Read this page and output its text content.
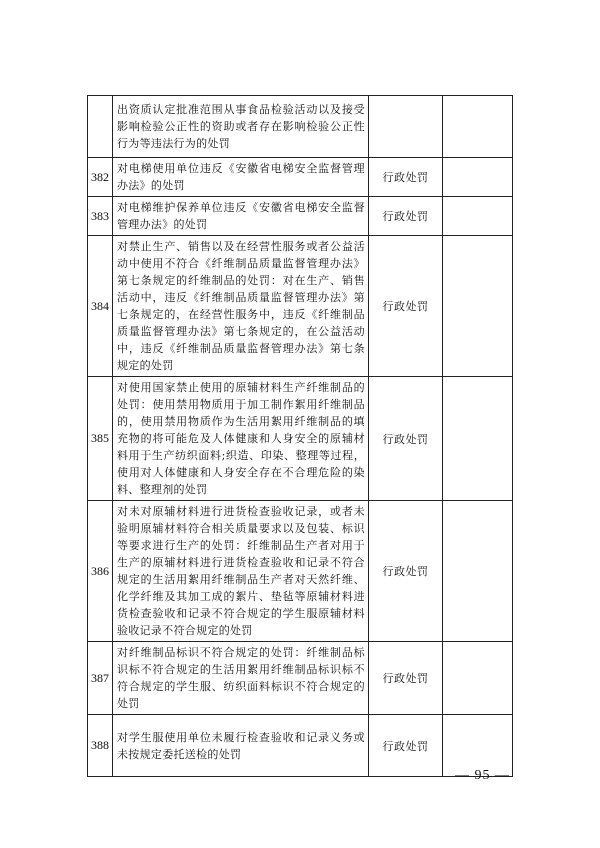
	出资质认定批准范围从事食品检验活动以及接受影响检验公正性的资助或者存在影响检验公正性行为等违法行为的处罚		
382	对电梯使用单位违反《安徽省电梯安全监督管理办法》的处罚	行政处罚	
383	对电梯维护保养单位违反《安徽省电梯安全监督管理办法》的处罚	行政处罚	
384	对禁止生产、销售以及在经营性服务或者公益活动中使用不符合《纤维制品质量监督管理办法》第七条规定的纤维制品的处罚：对在生产、销售活动中，违反《纤维制品质量监督管理办法》第七条规定的，在经营性服务中，违反《纤维制品质量监督管理办法》第七条规定的，在公益活动中，违反《纤维制品质量监督管理办法》第七条规定的处罚	行政处罚	
385	对使用国家禁止使用的原辅材料生产纤维制品的处罚：使用禁用物质用于加工制作絮用纤维制品的，使用禁用物质作为生活用絮用纤维制品的填充物的将可能危及人体健康和人身安全的原辅材料用于生产纺织面料;织造、印染、整理等过程，使用对人体健康和人身安全存在不合理危险的染料、整理剂的处罚	行政处罚	
386	对未对原辅材料进行进货检查验收记录，或者未验明原辅材料符合相关质量要求以及包装、标识等要求进行生产的处罚：纤维制品生产者对用于生产的原辅材料进行进货检查验收和记录不符合规定的生活用絮用纤维制品生产者对天然纤维、化学纤维及其加工成的絮片、垫毡等原辅材料进货检查验收和记录不符合规定的学生服原辅材料验收记录不符合规定的处罚	行政处罚	
387	对纤维制品标识不符合规定的处罚：纤维制品标识标不符合规定的生活用絮用纤维制品标识标不符合规定的学生服、纺织面料标识不符合规定的处罚	行政处罚	
388	对学生服使用单位未履行检查验收和记录义务或未按规定委托送检的处罚	行政处罚	
— 95 —
